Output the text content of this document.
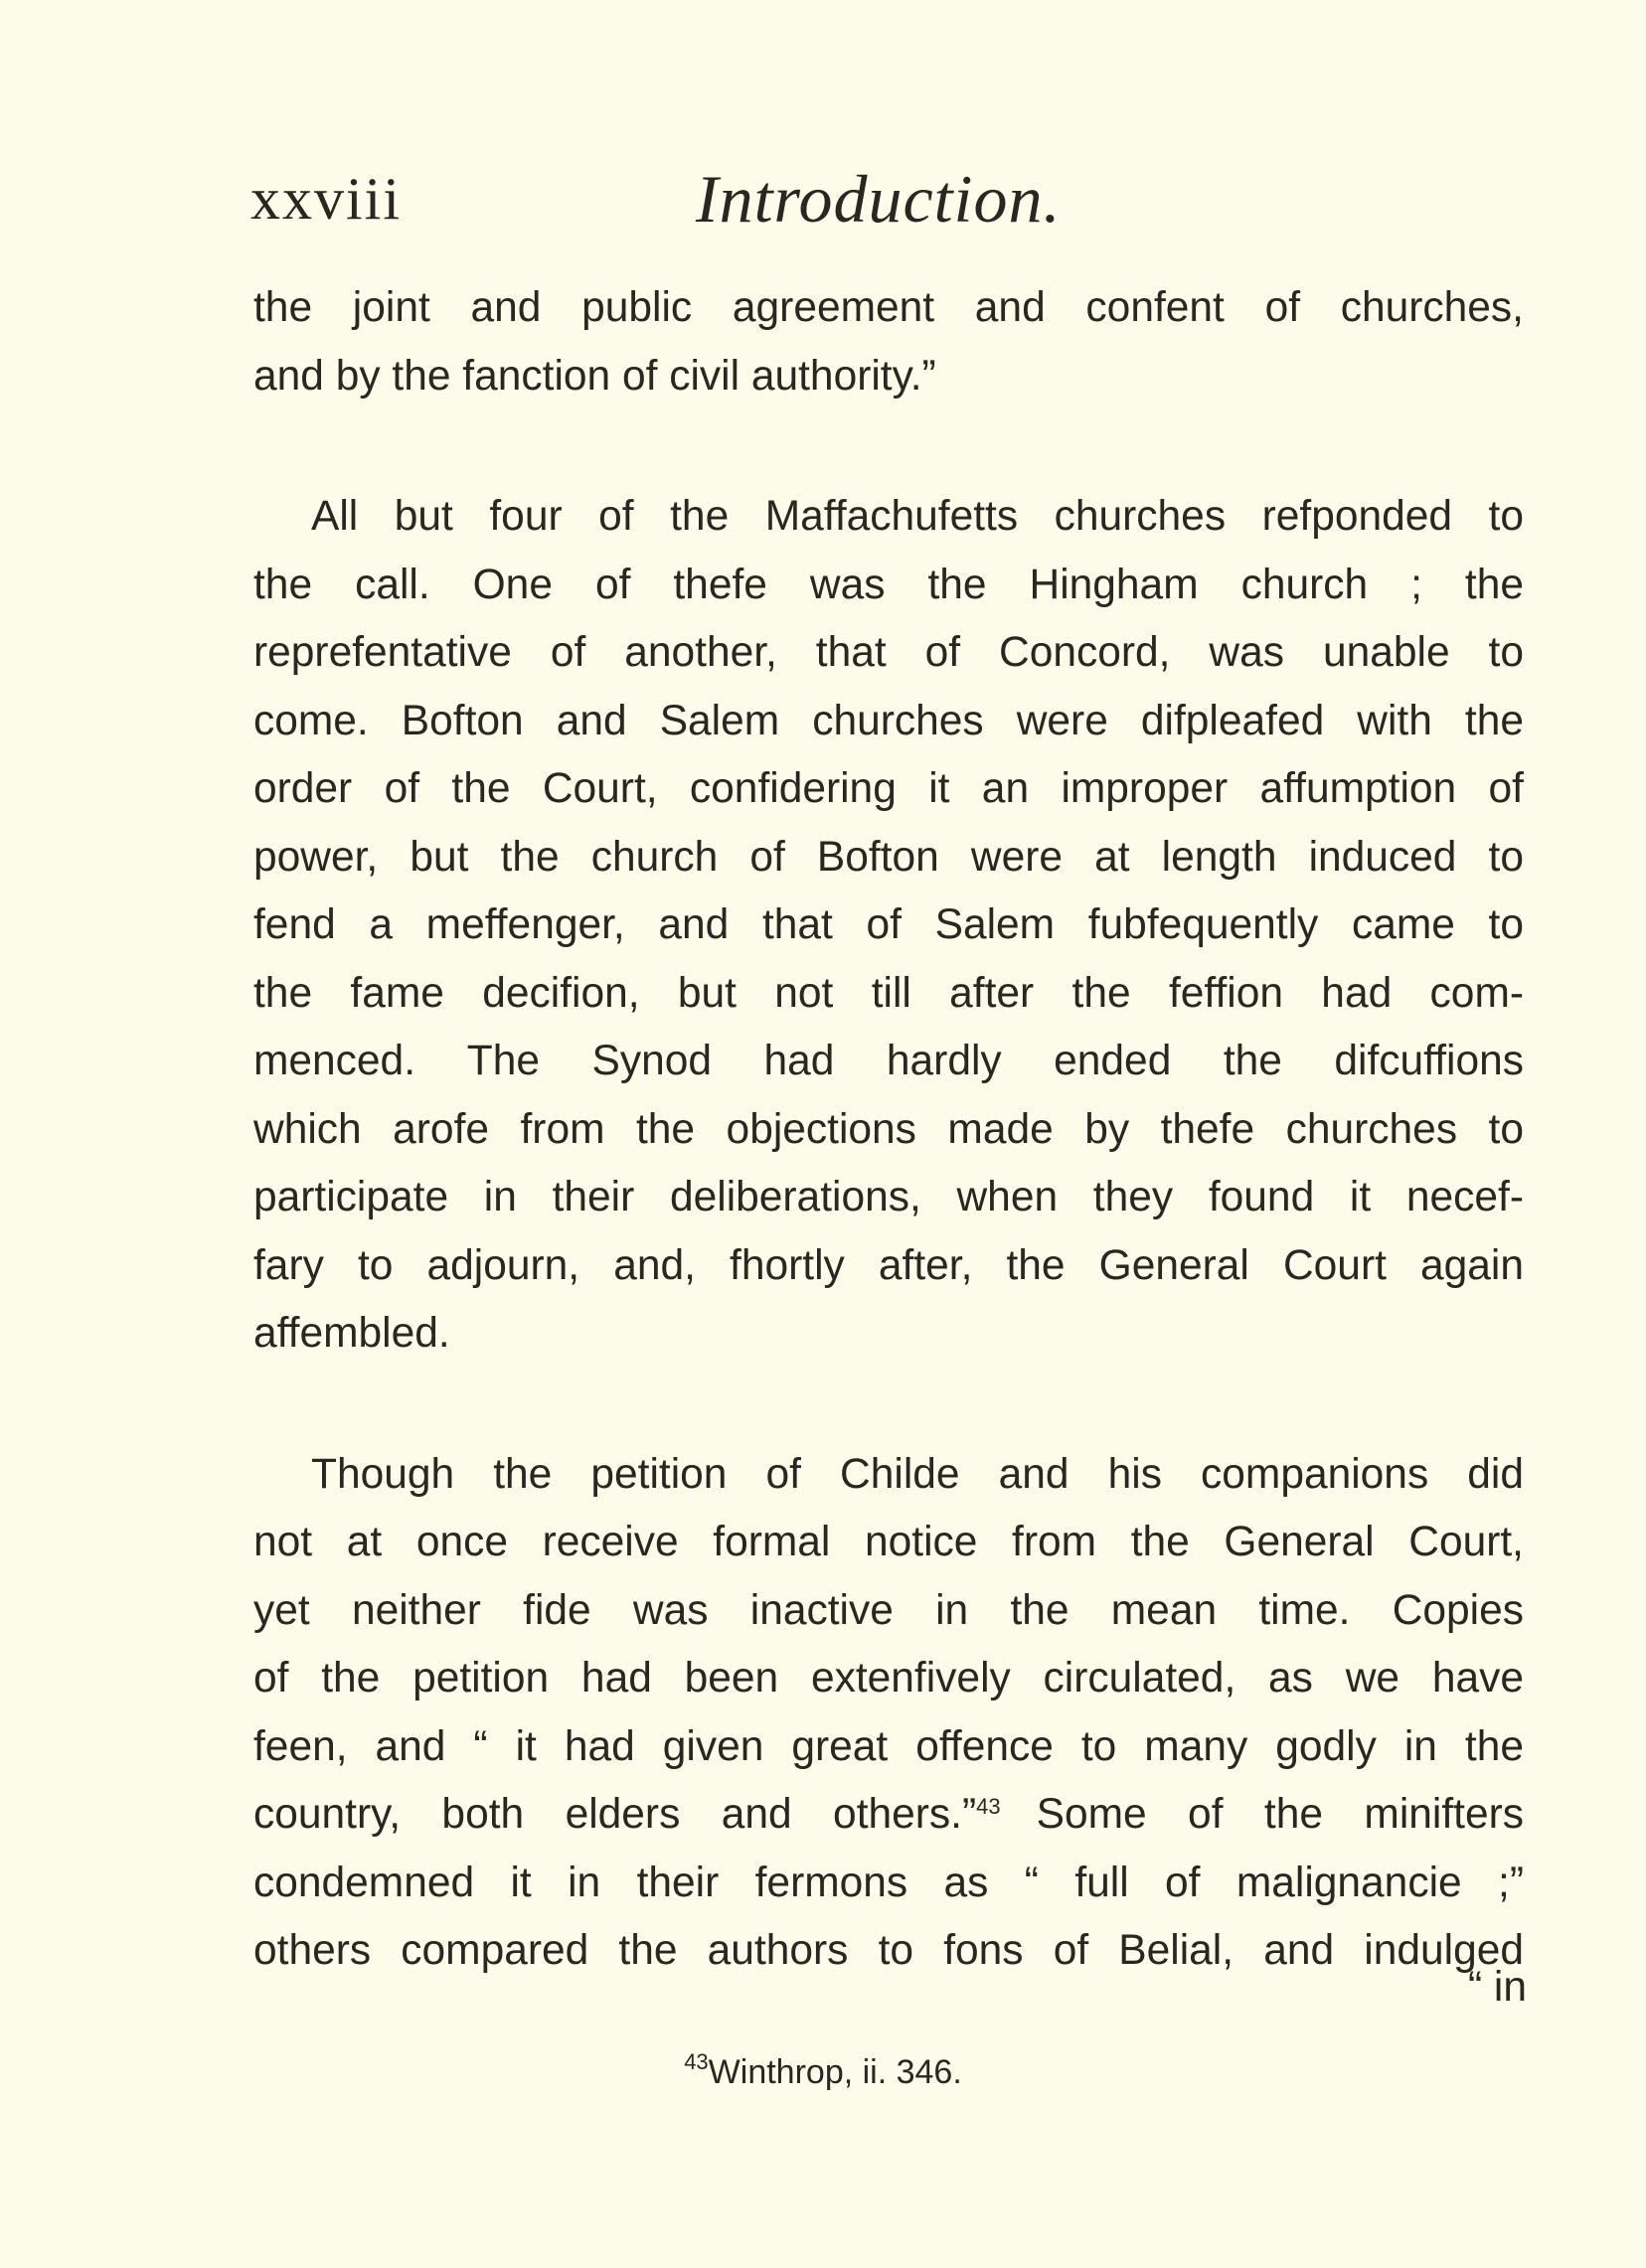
xxviii	Introduction.

the joint and public agreement and confent of churches,
and by the fanction of civil authority.”

All but four of the Maffachufetts churches refponded to
the call. One of thefe was the Hingham church ; the
reprefentative of another, that of Concord, was unable to
come. Bofton and Salem churches were difpleafed with the
order of the Court, confidering it an improper affumption of
power, but the church of Bofton were at length induced to
fend a meffenger, and that of Salem fubfequently came to
the fame decifion, but not till after the feffion had com-
menced. The Synod had hardly ended the difcuffions
which arofe from the objections made by thefe churches to
participate in their deliberations, when they found it necef-
fary to adjourn, and, fhortly after, the General Court again
affembled.

Though the petition of Childe and his companions did
not at once receive formal notice from the General Court,
yet neither fide was inactive in the mean time. Copies
of the petition had been extenfively circulated, as we have
feen, and “ it had given great offence to many godly in the
country, both elders and others.”$^{43}$ Some of the minifters
condemned it in their fermons as “ full of malignancie ;”
others compared the authors to fons of Belial, and indulged

“ in
$^{43}$Winthrop, ii. 346.
